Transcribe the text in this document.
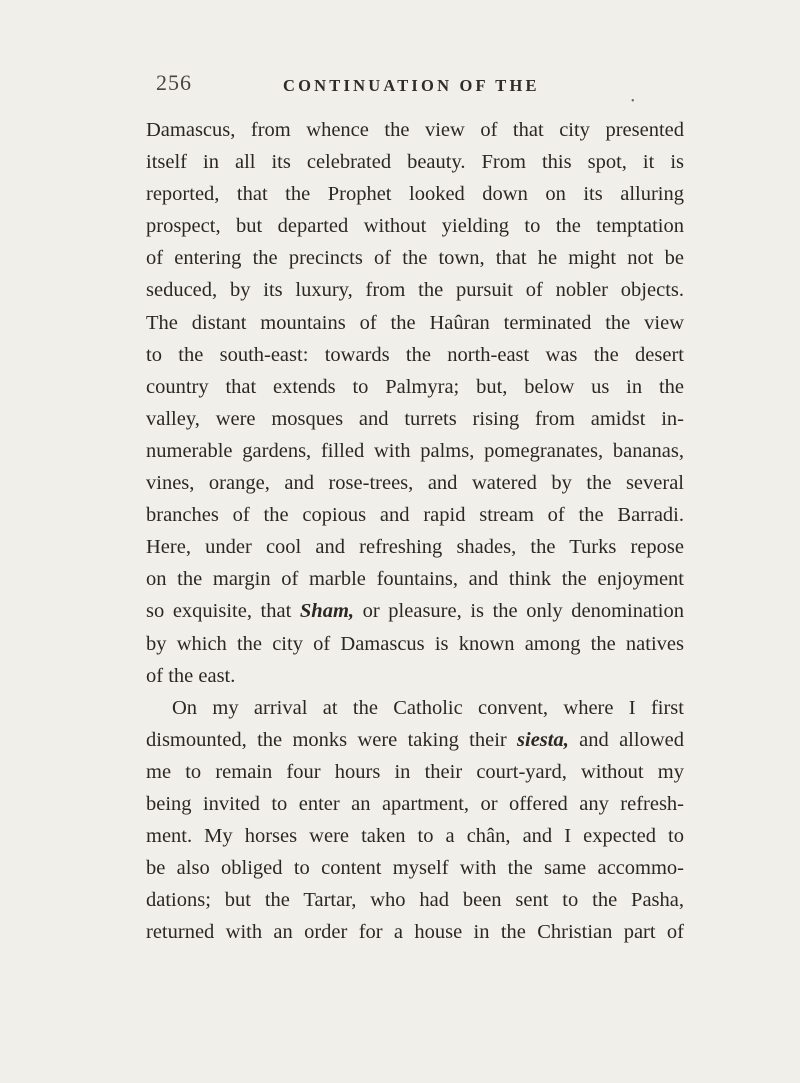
256	CONTINUATION OF THE
•
Damascus, from whence the view of that city presented
itself in all its celebrated beauty. From this spot, it is
reported, that the Prophet looked down on its alluring
prospect, but departed without yielding to the temptation
of entering the precincts of the town, that he might not be
seduced, by its luxury, from the pursuit of nobler objects.
The distant mountains of the Haûran terminated the view
to the south-east: towards the north-east was the desert
country that extends to Palmyra; but, below us in the
valley, were mosques and turrets rising from amidst in-
numerable gardens, filled with palms, pomegranates, bananas,
vines, orange, and rose-trees, and watered by the several
branches of the copious and rapid stream of the Barradi.
Here, under cool and refreshing shades, the Turks repose
on the margin of marble fountains, and think the enjoyment
so exquisite, that Sham, or pleasure, is the only denomination
by which the city of Damascus is known among the natives
of the east.
On my arrival at the Catholic convent, where I first
dismounted, the monks were taking their siesta, and allowed
me to remain four hours in their court-yard, without my
being invited to enter an apartment, or offered any refresh-
ment. My horses were taken to a chân, and I expected to
be also obliged to content myself with the same accommo-
dations; but the Tartar, who had been sent to the Pasha,
returned with an order for a house in the Christian part of
